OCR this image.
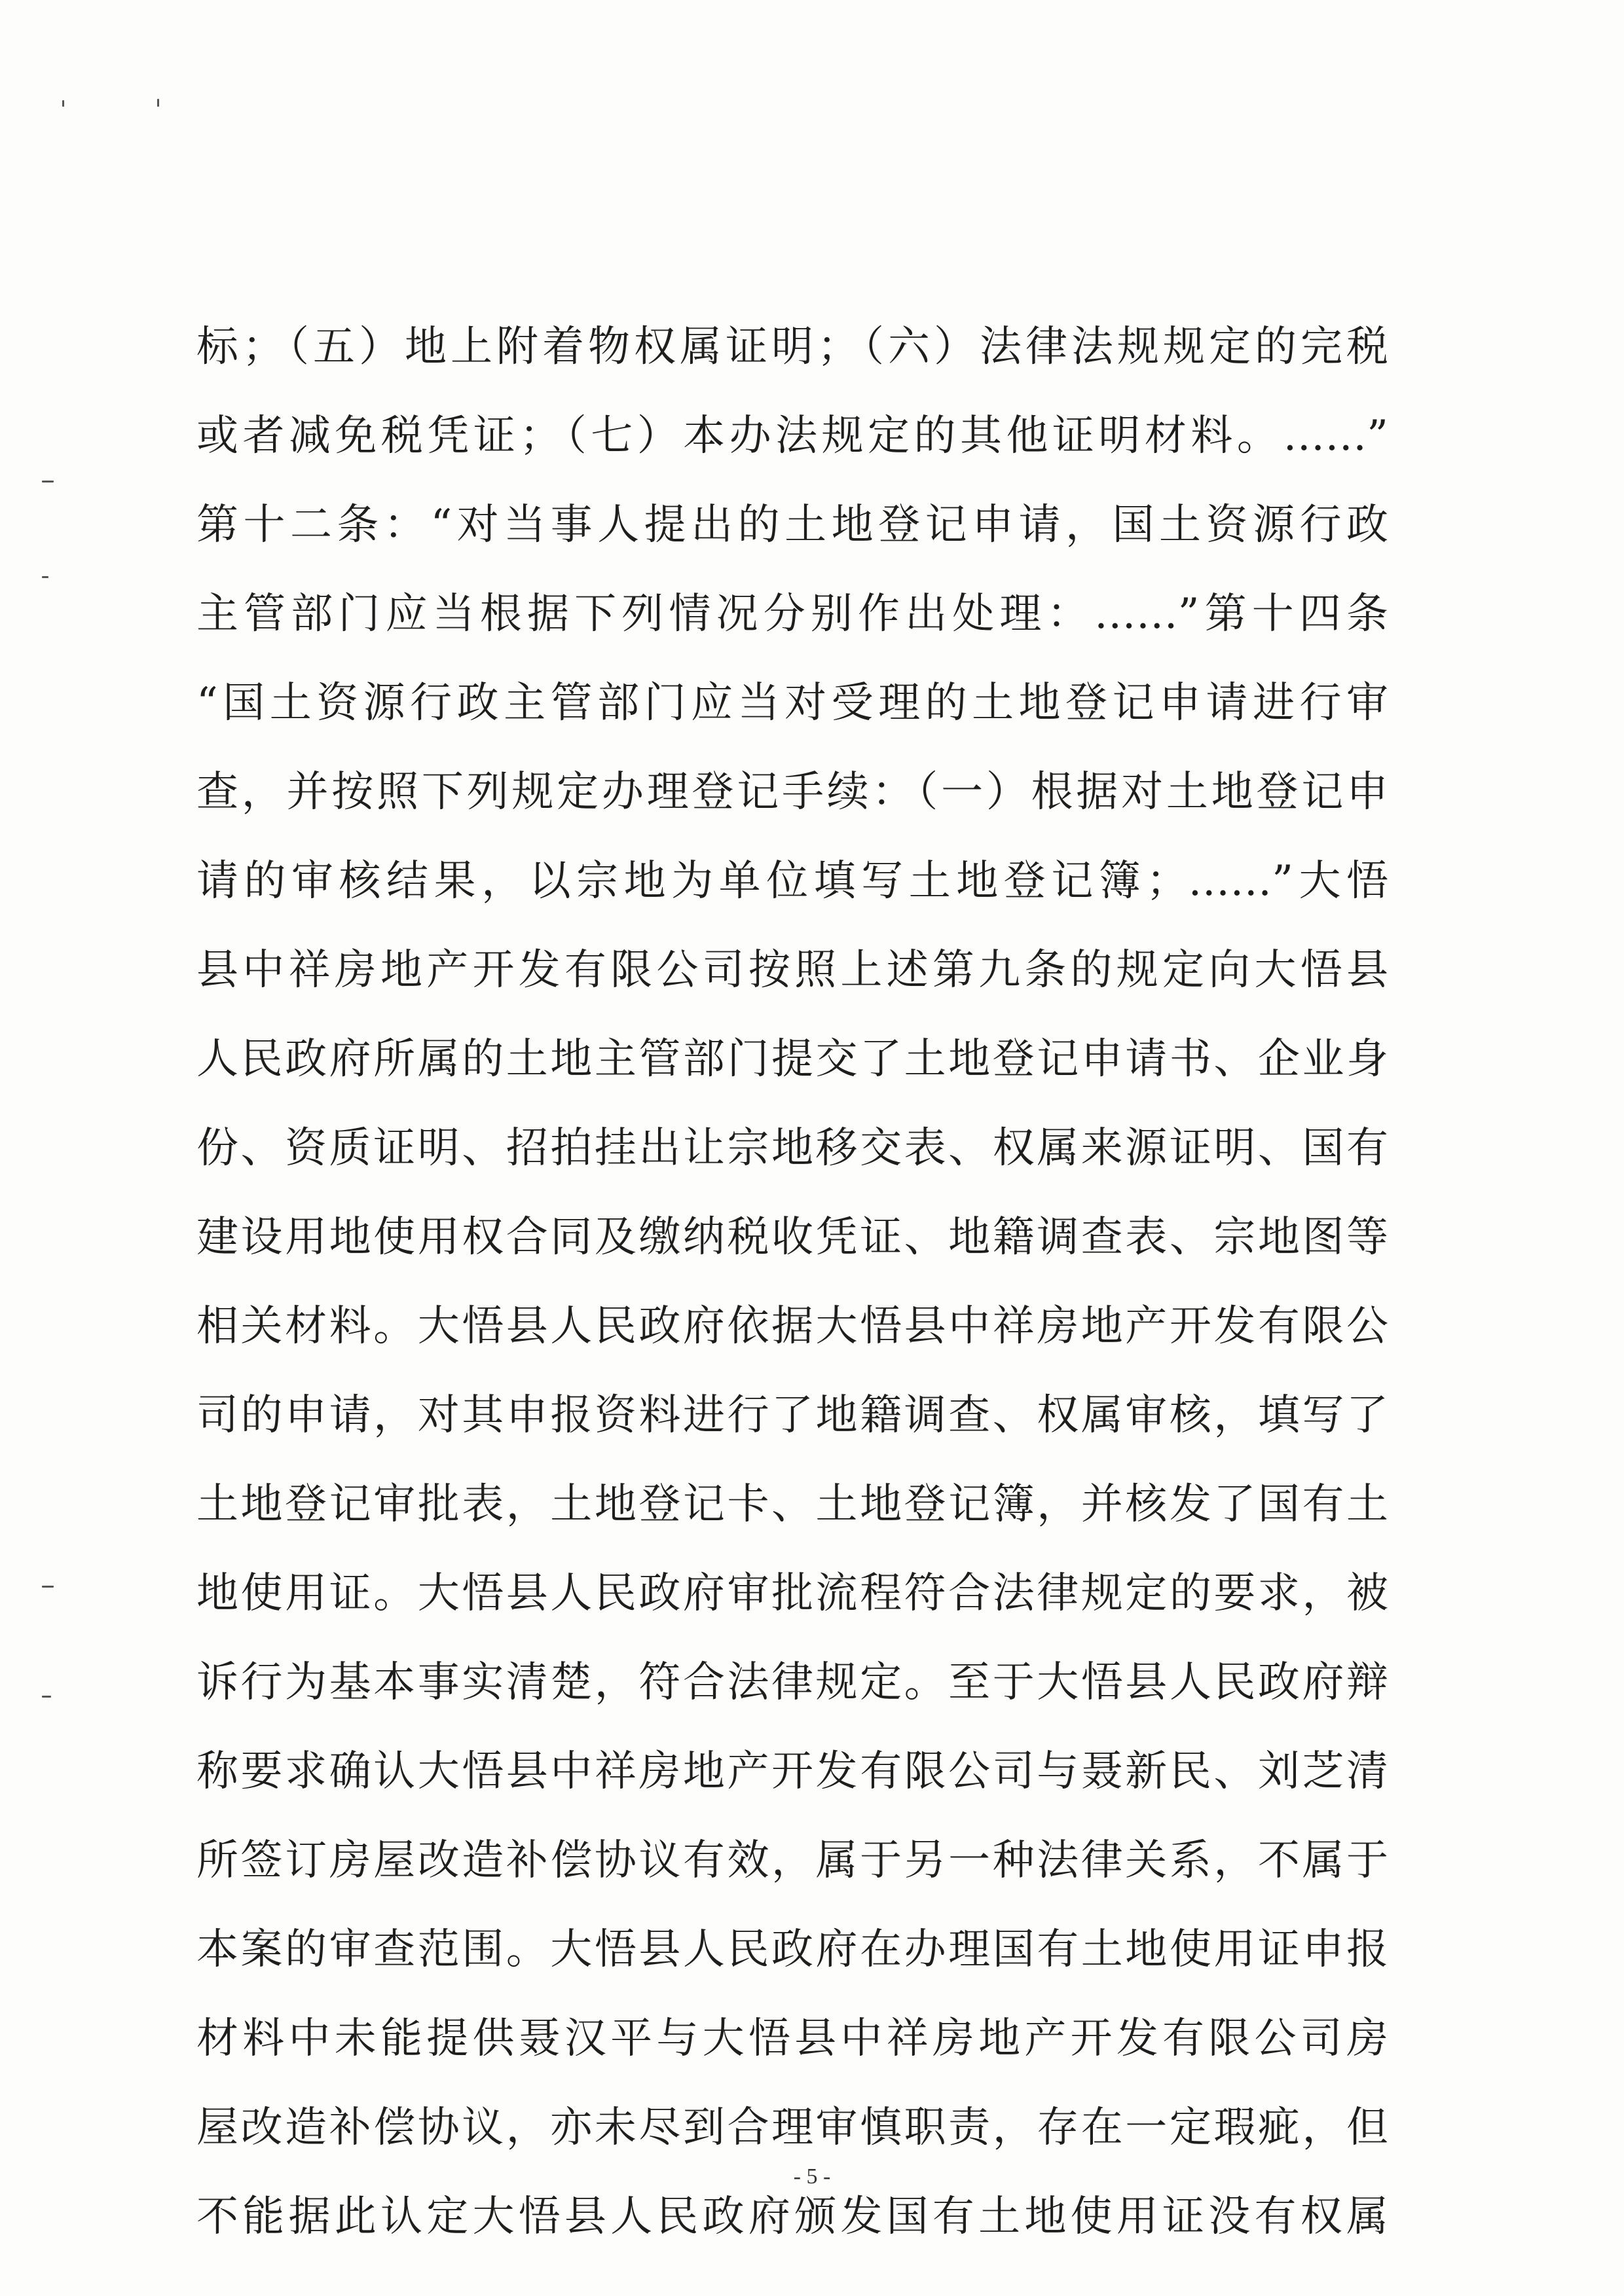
标；（五）地上附着物权属证明；（六）法律法规规定的完税
或者减免税凭证；（七）本办法规定的其他证明材料。……”
第十二条：“对当事人提出的土地登记申请，国土资源行政
主管部门应当根据下列情况分别作出处理：……”第十四条
“国土资源行政主管部门应当对受理的土地登记申请进行审
查，并按照下列规定办理登记手续：（一）根据对土地登记申
请的审核结果，以宗地为单位填写土地登记簿；……”大悟
县中祥房地产开发有限公司按照上述第九条的规定向大悟县
人民政府所属的土地主管部门提交了土地登记申请书、企业身
份、资质证明、招拍挂出让宗地移交表、权属来源证明、国有
建设用地使用权合同及缴纳税收凭证、地籍调查表、宗地图等
相关材料。大悟县人民政府依据大悟县中祥房地产开发有限公
司的申请，对其申报资料进行了地籍调查、权属审核，填写了
土地登记审批表，土地登记卡、土地登记簿，并核发了国有土
地使用证。大悟县人民政府审批流程符合法律规定的要求，被
诉行为基本事实清楚，符合法律规定。至于大悟县人民政府辩
称要求确认大悟县中祥房地产开发有限公司与聂新民、刘芝清
所签订房屋改造补偿协议有效，属于另一种法律关系，不属于
本案的审查范围。大悟县人民政府在办理国有土地使用证申报
材料中未能提供聂汉平与大悟县中祥房地产开发有限公司房
屋改造补偿协议，亦未尽到合理审慎职责，存在一定瑕疵，但
不能据此认定大悟县人民政府颁发国有土地使用证没有权属
- 5 -
